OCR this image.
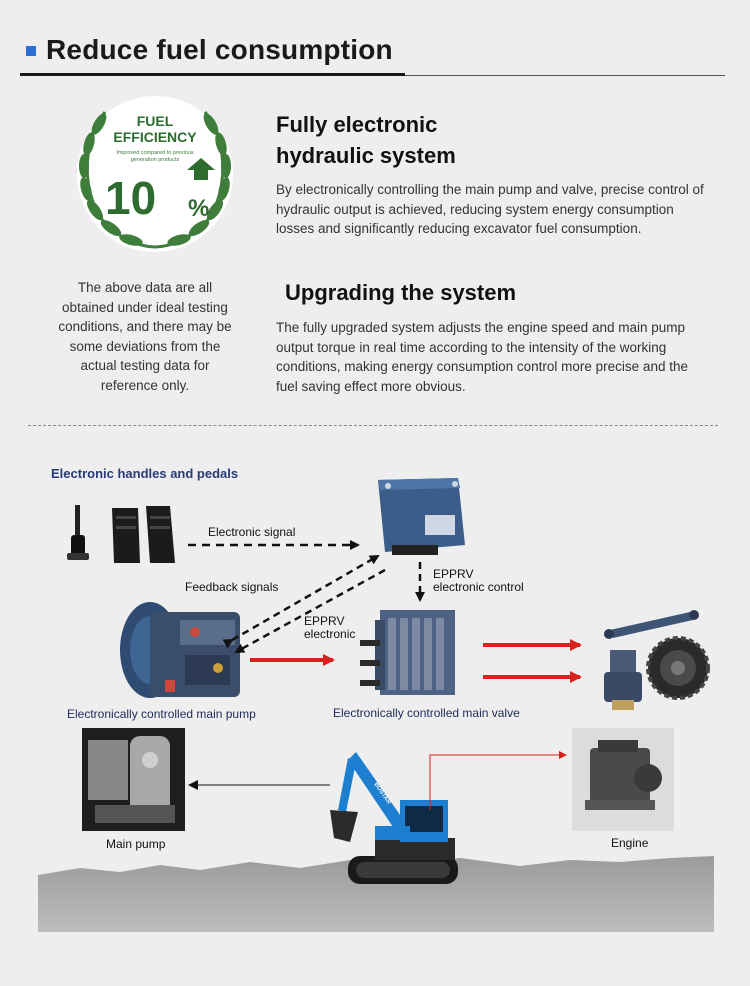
Reduce fuel consumption
FUEL
EFFICIENCY
Improved compared to previous
generation products
10 %
The above data are all obtained under ideal testing conditions, and there may be some deviations from the actual testing data for reference only.
Fully electronic
hydraulic system
By electronically controlling the main pump and valve, precise control of hydraulic output is achieved, reducing system energy consumption losses and significantly reducing excavator fuel consumption.
Upgrading the system
The fully upgraded system adjusts the engine speed and main pump output torque in real time according to the intensity of the working conditions, making energy consumption control more precise and the fuel saving effect more obvious.
BOSTAR
Electronic handles and pedals
Electronic signal
Feedback signals
EPPRV
electronic control
EPPRV
electronic
Electronically controlled main pump	Electronically controlled main valve
Main pump	Engine
